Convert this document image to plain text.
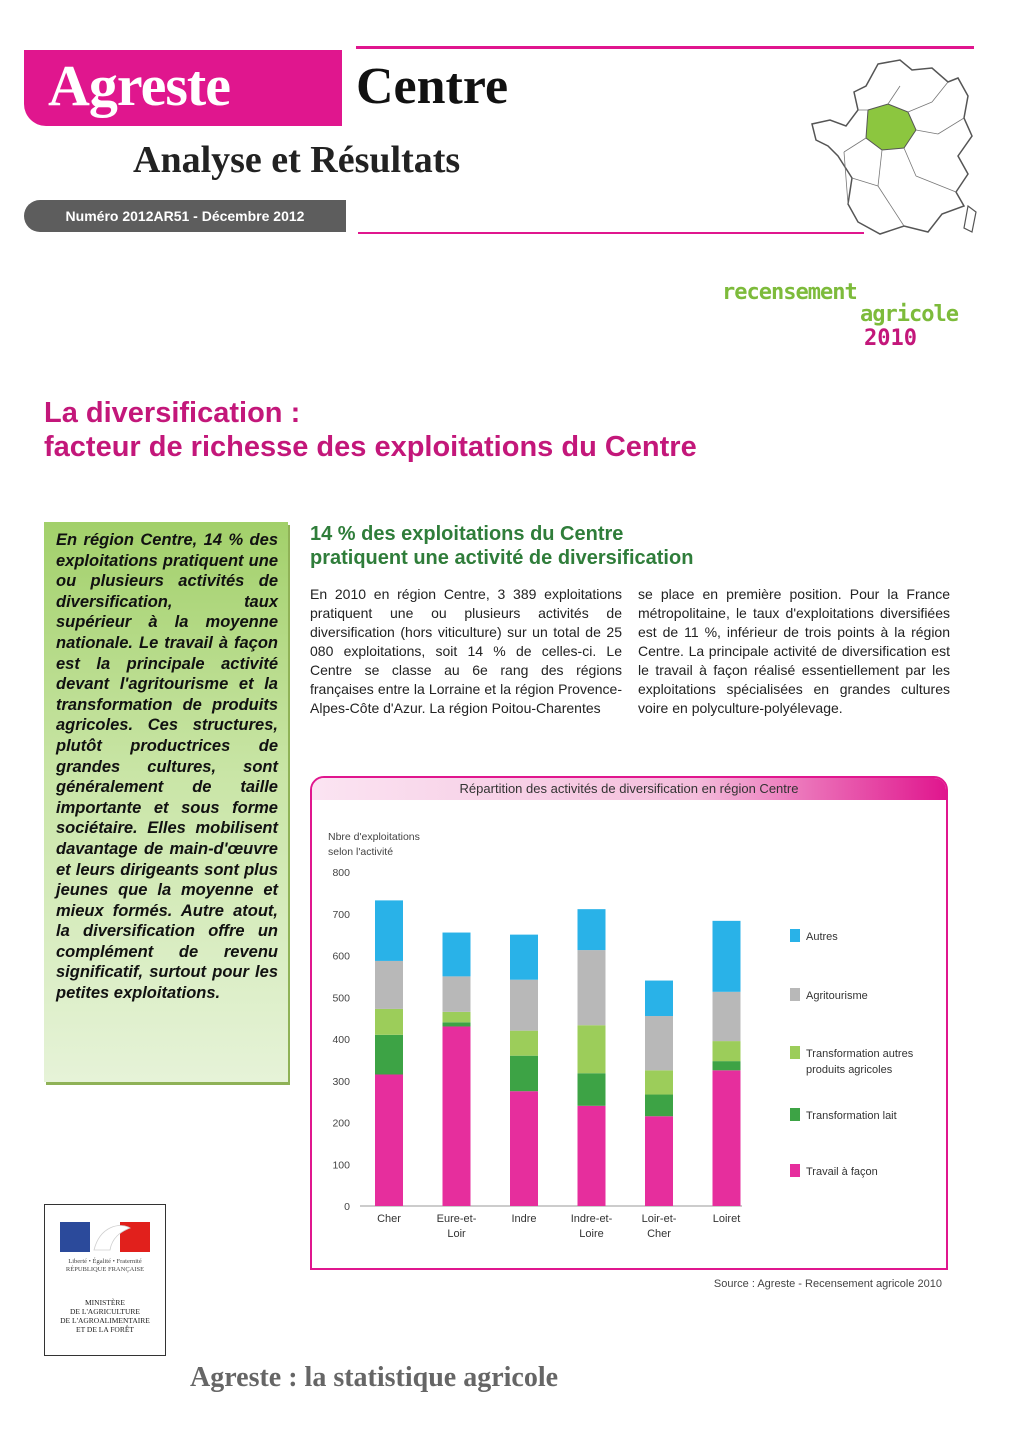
Agreste Centre
Analyse et Résultats
Numéro 2012AR51 - Décembre 2012
recensement
agricole
2010
La diversification :
facteur de richesse des exploitations du Centre
En région Centre, 14 % des exploitations pratiquent une ou plusieurs activités de diversification, taux supérieur à la moyenne nationale. Le travail à façon est la principale activité devant l'agritourisme et la transformation de produits agricoles. Ces structures, plutôt productrices de grandes cultures, sont généralement de taille importante et sous forme sociétaire. Elles mobilisent davantage de main-d'œuvre et leurs dirigeants sont plus jeunes que la moyenne et mieux formés. Autre atout, la diversification offre un complément de revenu significatif, surtout pour les petites exploitations.
14 % des exploitations du Centre
pratiquent une activité de diversification
En 2010 en région Centre, 3 389 exploitations pratiquent une ou plusieurs activités de diversification (hors viticulture) sur un total de 25 080 exploitations, soit 14 % de celles-ci. Le Centre se classe au 6e rang des régions françaises entre la Lorraine et la région Provence-Alpes-Côte d'Azur. La région Poitou-Charentes
se place en première position. Pour la France métropolitaine, le taux d'exploitations diversifiées est de 11 %, inférieur de trois points à la région Centre. La principale activité de diversification est le travail à façon réalisé essentiellement par les exploitations spécialisées en grandes cultures voire en polyculture-polyélevage.
Répartition des activités de diversification en région Centre
Nbre d'exploitations
selon l'activité
0
100
200
300
400
500
600
700
800
Cher	Eure-et-
Loir
Indre	Indre-et-
Loire
Loir-et-
Cher
Loiret
Autres
Agritourisme
Transformation autres
produits agricoles
Transformation lait
Travail à façon
Source : Agreste - Recensement agricole 2010
Liberté • Égalité • Fraternité
RÉPUBLIQUE FRANÇAISE
MINISTÈRE
DE L'AGRICULTURE
DE L'AGROALIMENTAIRE
ET DE LA FORÊT
Agreste : la statistique agricole
